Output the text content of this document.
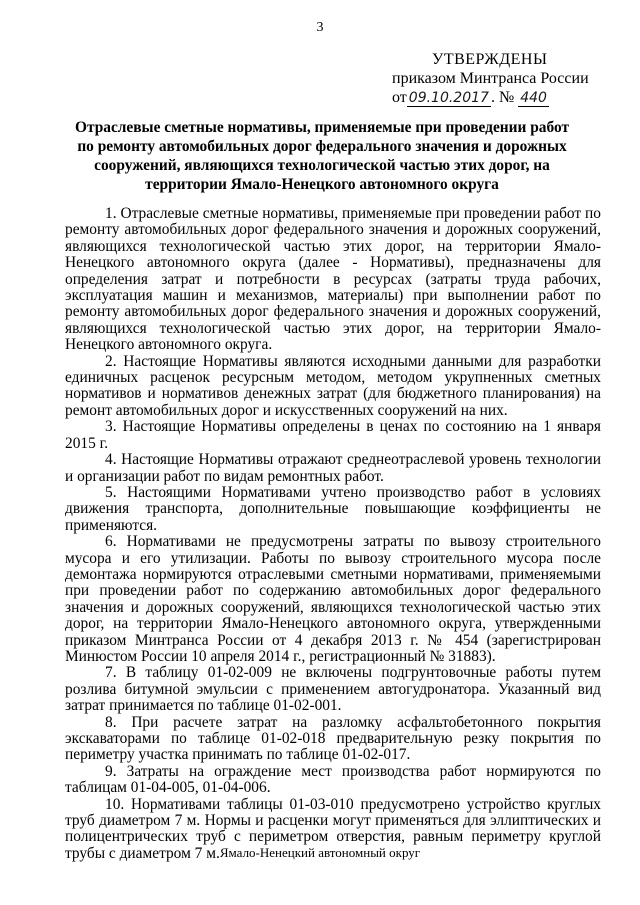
3
УТВЕРЖДЕНЫ
приказом Минтранса России
от 09.10.2017 . № 440
Отраслевые сметные нормативы, применяемые при проведении работ по ремонту автомобильных дорог федерального значения и дорожных сооружений, являющихся технологической частью этих дорог, на территории Ямало-Ненецкого автономного округа

1. Отраслевые сметные нормативы, применяемые при проведении работ по ремонту автомобильных дорог федерального значения и дорожных сооружений, являющихся технологической частью этих дорог, на территории Ямало-Ненецкого автономного округа (далее - Нормативы), предназначены для определения затрат и потребности в ресурсах (затраты труда рабочих, эксплуатация машин и механизмов, материалы) при выполнении работ по ремонту автомобильных дорог федерального значения и дорожных сооружений, являющихся технологической частью этих дорог, на территории Ямало-Ненецкого автономного округа.

2. Настоящие Нормативы являются исходными данными для разработки единичных расценок ресурсным методом, методом укрупненных сметных нормативов и нормативов денежных затрат (для бюджетного планирования) на ремонт автомобильных дорог и искусственных сооружений на них.

3. Настоящие Нормативы определены в ценах по состоянию на 1 января 2015 г.

4. Настоящие Нормативы отражают среднеотраслевой уровень технологии и организации работ по видам ремонтных работ.

5. Настоящими Нормативами учтено производство работ в условиях движения транспорта, дополнительные повышающие коэффициенты не применяются.

6. Нормативами не предусмотрены затраты по вывозу строительного мусора и его утилизации. Работы по вывозу строительного мусора после демонтажа нормируются отраслевыми сметными нормативами, применяемыми при проведении работ по содержанию автомобильных дорог федерального значения и дорожных сооружений, являющихся технологической частью этих дорог, на территории Ямало-Ненецкого автономного округа, утвержденными приказом Минтранса России от 4 декабря 2013 г. № 454 (зарегистрирован Минюстом России 10 апреля 2014 г., регистрационный № 31883).

7. В таблицу 01-02-009 не включены подгрунтовочные работы путем розлива битумной эмульсии с применением автогудронатора. Указанный вид затрат принимается по таблице 01-02-001.

8. При расчете затрат на разломку асфальтобетонного покрытия экскаваторами по таблице 01-02-018 предварительную резку покрытия по периметру участка принимать по таблице 01-02-017.

9. Затраты на ограждение мест производства работ нормируются по таблицам 01-04-005, 01-04-006.

10. Нормативами таблицы 01-03-010 предусмотрено устройство круглых труб диаметром 7 м. Нормы и расценки могут применяться для эллиптических и полицентрических труб с периметром отверстия, равным периметру круглой трубы с диаметром 7 м. Ямало-Ненецкий автономный округ
